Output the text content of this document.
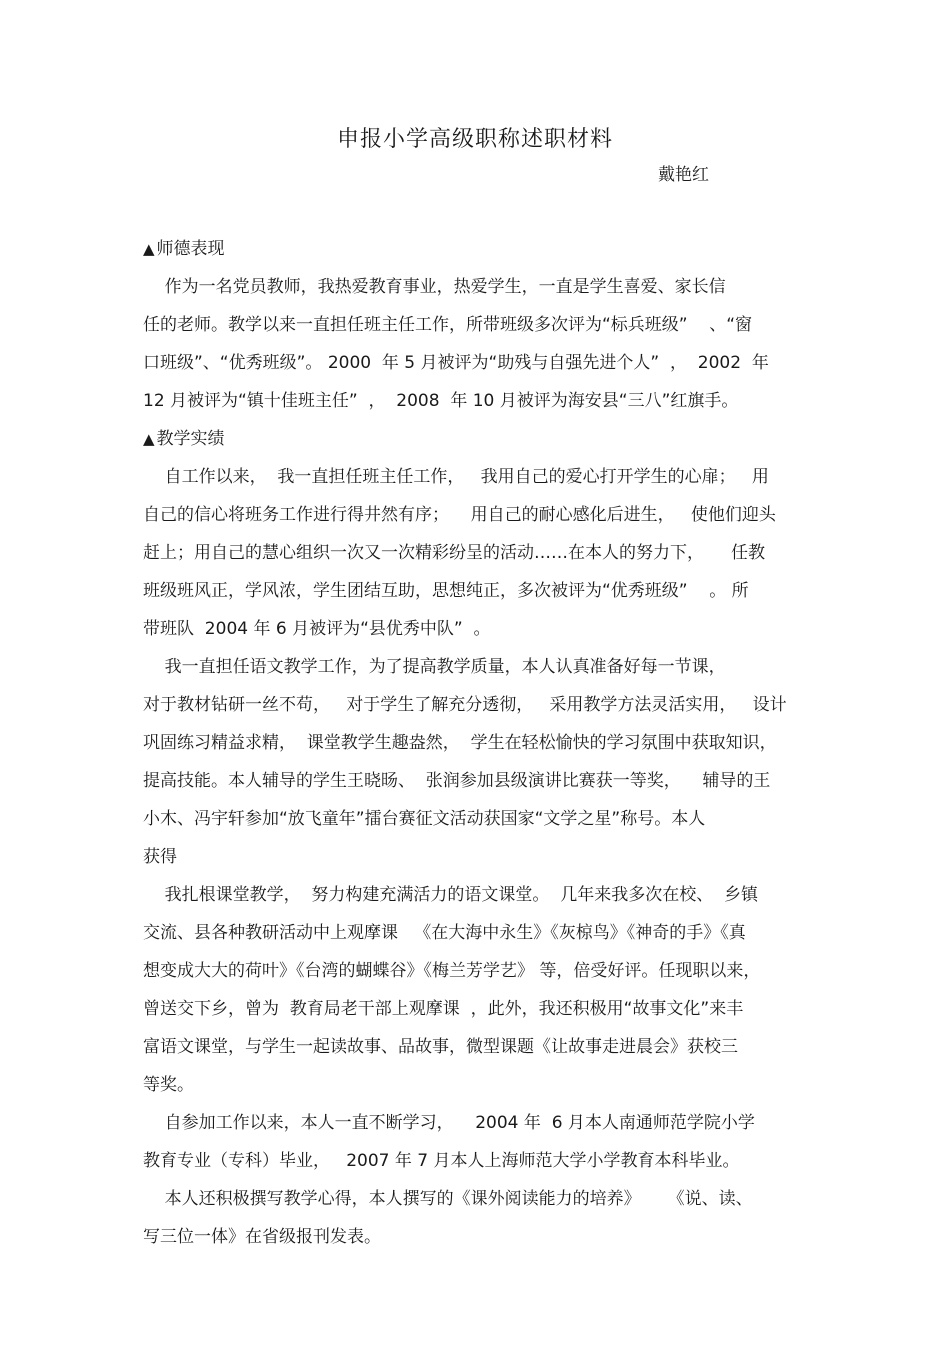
申报小学高级职称述职材料
戴艳红
▲ 师德表现
作为一名党员教师，我热爱教育事业，热爱学生，一直是学生喜爱、家长信
任的老师。教学以来一直担任班主任工作，所带班级多次评为“标兵班级”    、“窗
口班级”、“优秀班级”。 2000  年 5 月被评为“助残与自强先进个人”  ，  2002  年
12 月被评为“镇十佳班主任”  ，  2008  年 10 月被评为海安县“三八”红旗手。
▲ 教学实绩
自工作以来，  我一直担任班主任工作，   我用自己的爱心打开学生的心扉；   用
自己的信心将班务工作进行得井然有序；    用自己的耐心感化后进生，   使他们迎头
赶上；用自己的慧心组织一次又一次精彩纷呈的活动……在本人的努力下，     任教
班级班风正，学风浓，学生团结互助，思想纯正，多次被评为“优秀班级”    。 所
带班队  2004 年 6 月被评为“县优秀中队”  。
我一直担任语文教学工作，为了提高教学质量，本人认真准备好每一节课，
对于教材钻研一丝不苟，   对于学生了解充分透彻，   采用教学方法灵活实用，   设计
巩固练习精益求精，  课堂教学生趣盎然，  学生在轻松愉快的学习氛围中获取知识，
提高技能。本人辅导的学生王晓旸、  张润参加县级演讲比赛获一等奖，    辅导的王
小木、冯宇轩参加“放飞童年”擂台赛征文活动获国家“文学之星”称号。本人
获得
我扎根课堂教学，  努力构建充满活力的语文课堂。  几年来我多次在校、  乡镇
交流、县各种教研活动中上观摩课   《在大海中永生》《灰椋鸟》《神奇的手》《真
想变成大大的荷叶》《台湾的蝴蝶谷》《梅兰芳学艺》 等，倍受好评。任现职以来，
曾送交下乡，曾为  教育局老干部上观摩课  ，此外，我还积极用“故事文化”来丰
富语文课堂，与学生一起读故事、品故事，微型课题《让故事走进晨会》获校三
等奖。
自参加工作以来，本人一直不断学习，    2004 年  6 月本人南通师范学院小学
教育专业（专科）毕业，   2007 年 7 月本人上海师范大学小学教育本科毕业。
本人还积极撰写教学心得，本人撰写的《课外阅读能力的培养》     《说、读、
写三位一体》在省级报刊发表。
